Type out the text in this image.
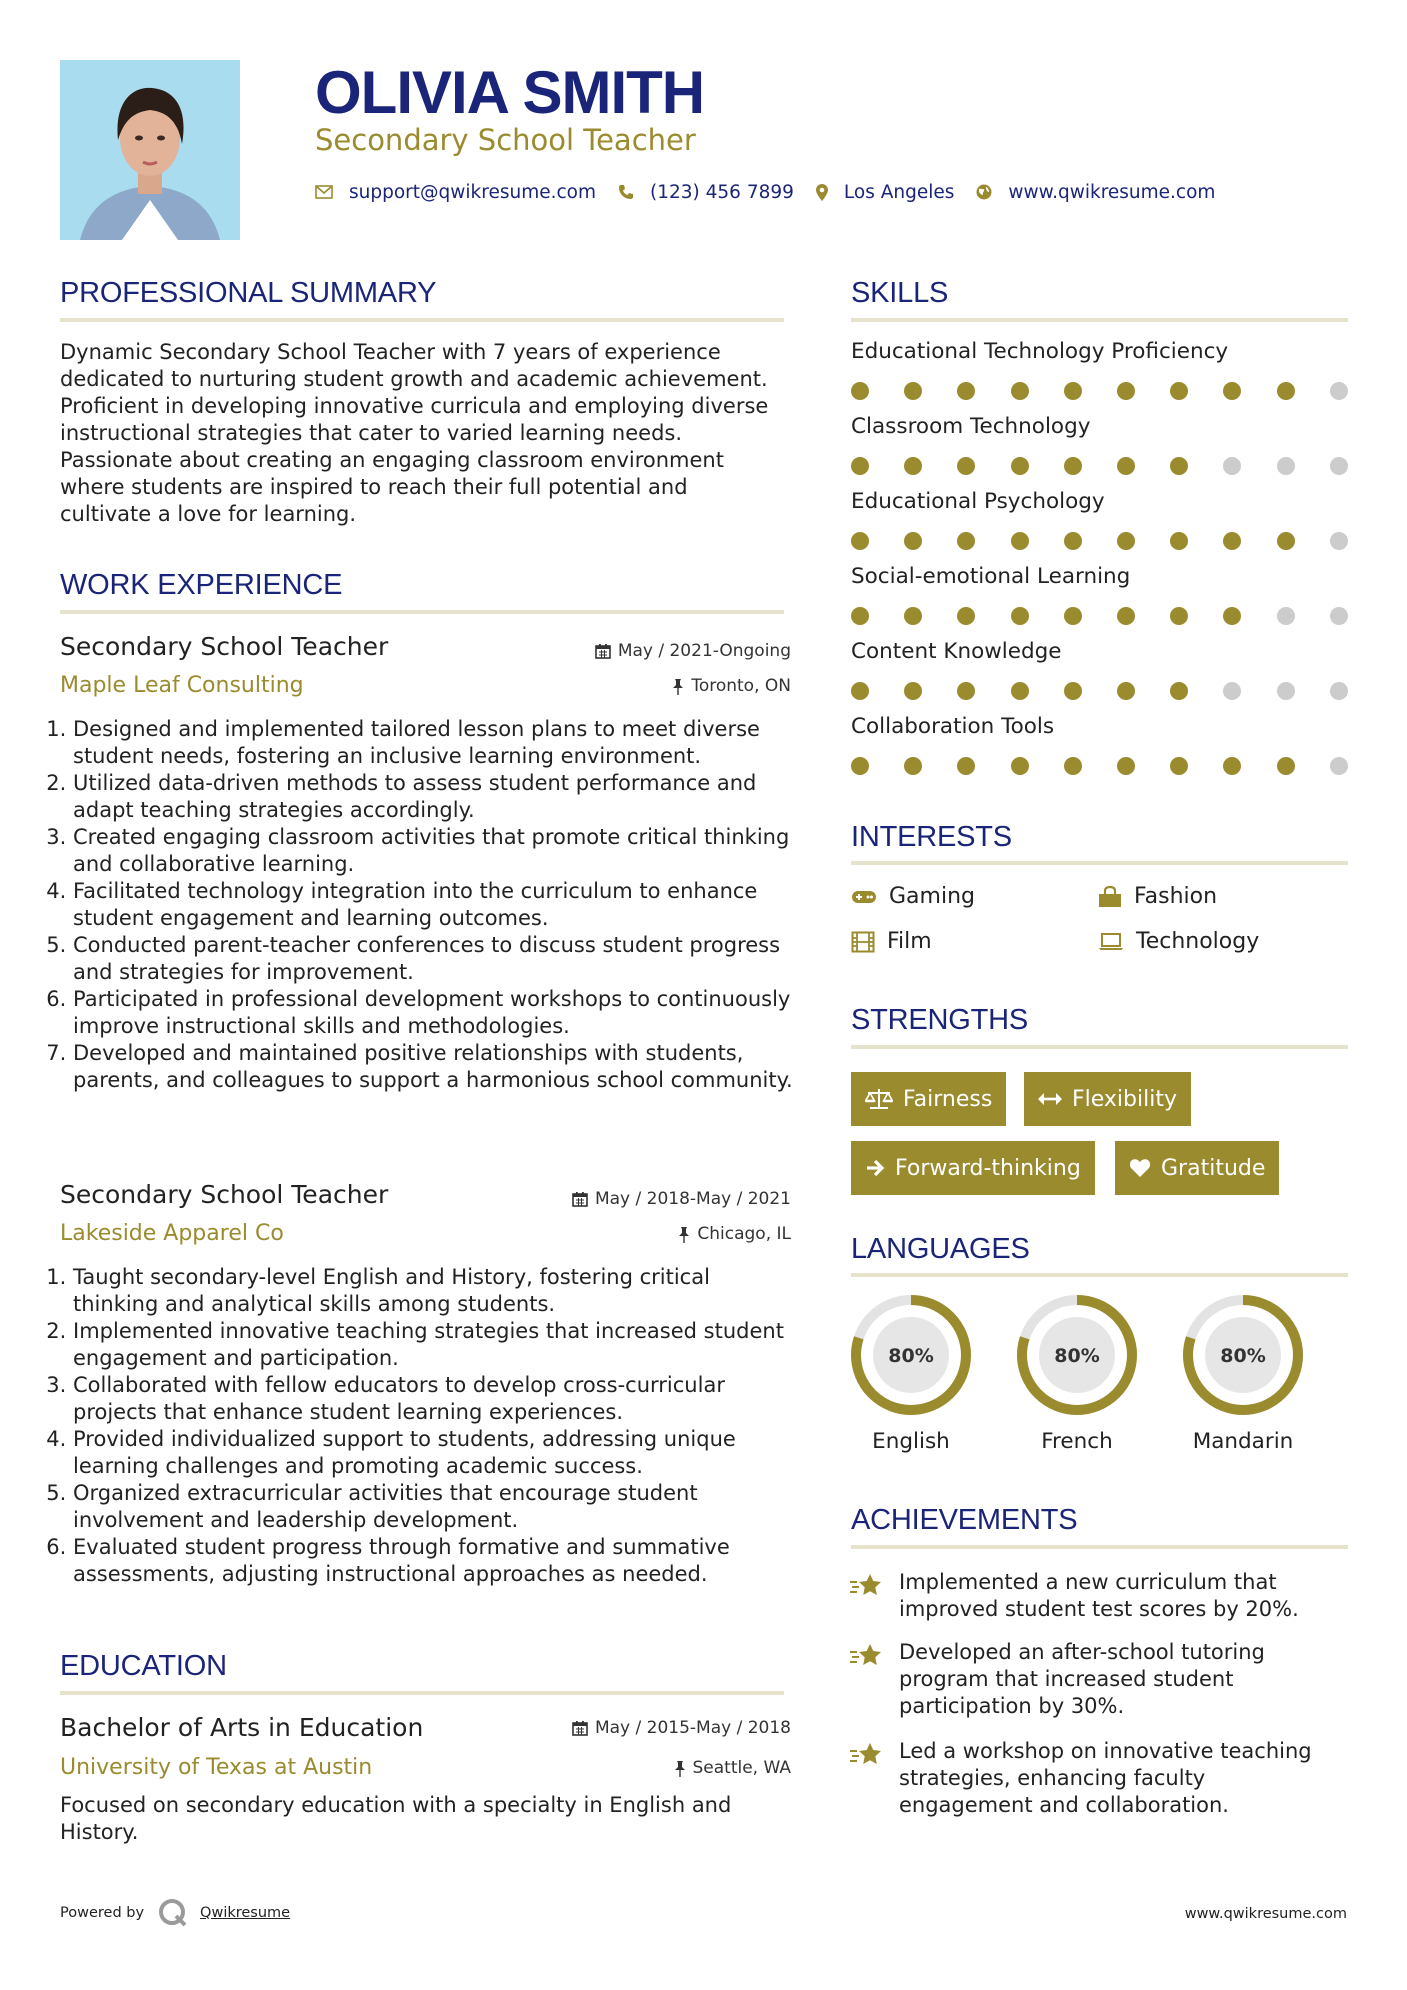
OLIVIA SMITH
Secondary School Teacher
support@qwikresume.com	(123) 456 7899	Los Angeles	www.qwikresume.com
PROFESSIONAL SUMMARY
Dynamic Secondary School Teacher with 7 years of experience dedicated to nurturing student growth and academic achievement. Proficient in developing innovative curricula and employing diverse instructional strategies that cater to varied learning needs. Passionate about creating an engaging classroom environment where students are inspired to reach their full potential and cultivate a love for learning.
WORK EXPERIENCE
Secondary School Teacher	May / 2021-Ongoing
Maple Leaf Consulting	Toronto, ON
1. Designed and implemented tailored lesson plans to meet diverse student needs, fostering an inclusive learning environment.
2. Utilized data-driven methods to assess student performance and adapt teaching strategies accordingly.
3. Created engaging classroom activities that promote critical thinking and collaborative learning.
4. Facilitated technology integration into the curriculum to enhance student engagement and learning outcomes.
5. Conducted parent-teacher conferences to discuss student progress and strategies for improvement.
6. Participated in professional development workshops to continuously improve instructional skills and methodologies.
7. Developed and maintained positive relationships with students, parents, and colleagues to support a harmonious school community.
Secondary School Teacher	May / 2018-May / 2021
Lakeside Apparel Co	Chicago, IL
1. Taught secondary-level English and History, fostering critical thinking and analytical skills among students.
2. Implemented innovative teaching strategies that increased student engagement and participation.
3. Collaborated with fellow educators to develop cross-curricular projects that enhance student learning experiences.
4. Provided individualized support to students, addressing unique learning challenges and promoting academic success.
5. Organized extracurricular activities that encourage student involvement and leadership development.
6. Evaluated student progress through formative and summative assessments, adjusting instructional approaches as needed.
EDUCATION
Bachelor of Arts in Education	May / 2015-May / 2018
University of Texas at Austin	Seattle, WA
Focused on secondary education with a specialty in English and History.
SKILLS
Educational Technology Proficiency
Classroom Technology
Educational Psychology
Social-emotional Learning
Content Knowledge
Collaboration Tools
INTERESTS
Gaming	Fashion
Film	Technology
STRENGTHS
Fairness	Flexibility
Forward-thinking	Gratitude
LANGUAGES
80%
English
80%
French
80%
Mandarin
ACHIEVEMENTS
Implemented a new curriculum that improved student test scores by 20%.
Developed an after-school tutoring program that increased student participation by 30%.
Led a workshop on innovative teaching strategies, enhancing faculty engagement and collaboration.
Powered by	Qwikresume	www.qwikresume.com
